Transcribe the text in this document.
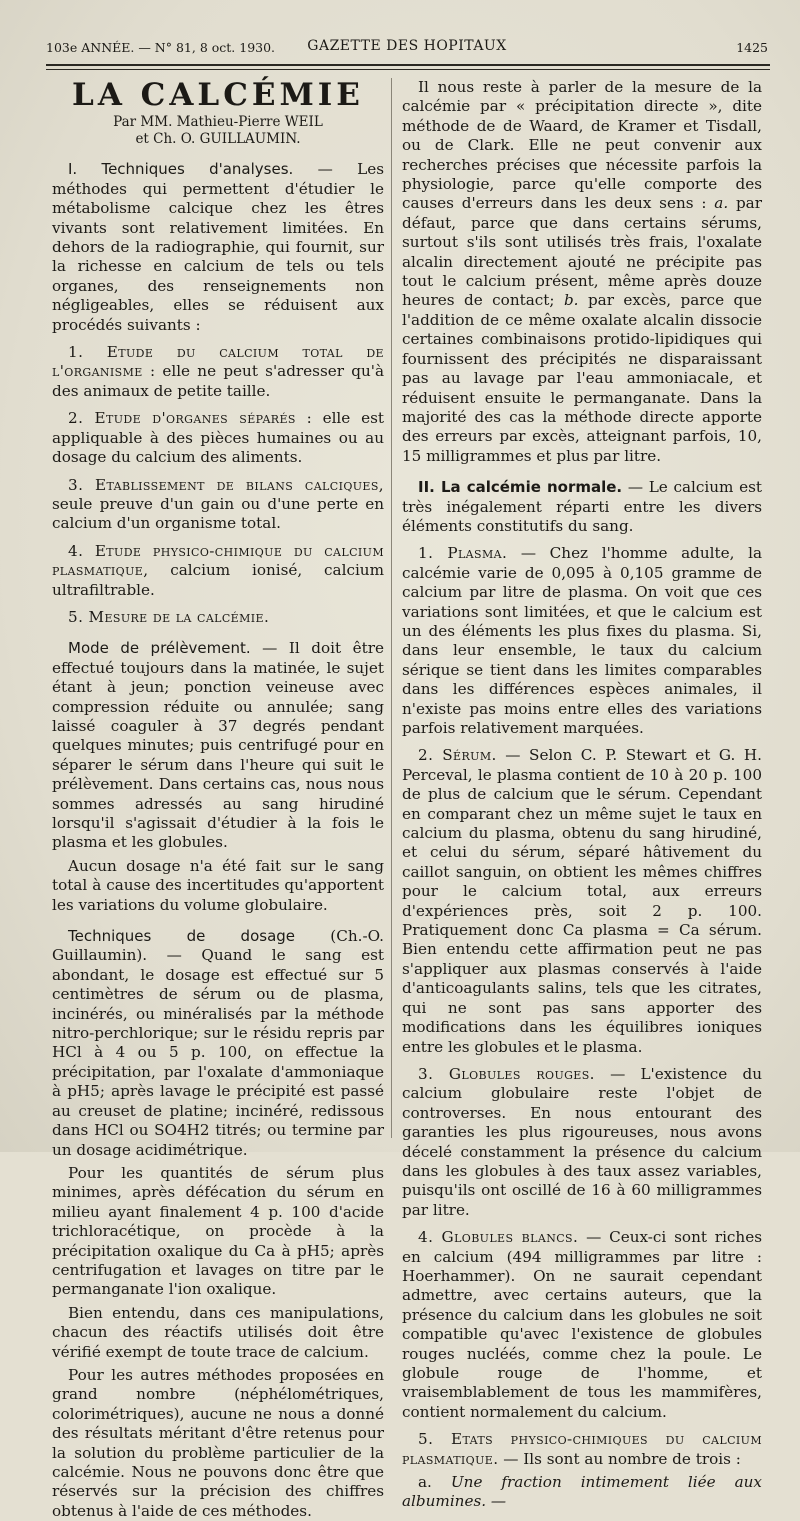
103e ANNÉE. — N° 81, 8 oct. 1930.	GAZETTE DES HOPITAUX	1425
LA CALCÉMIE
Par MM. Mathieu-Pierre WEIL
et Ch. O. GUILLAUMIN.

I. Techniques d'analyses. — Les méthodes qui permettent d'étudier le métabolisme calcique chez les êtres vivants sont relativement limitées. En dehors de la radiographie, qui fournit, sur la richesse en calcium de tels ou tels organes, des renseignements non négligeables, elles se réduisent aux procédés suivants :

1. Etude du calcium total de l'organisme : elle ne peut s'adresser qu'à des animaux de petite taille.

2. Etude d'organes séparés : elle est appliquable à des pièces humaines ou au dosage du calcium des aliments.

3. Etablissement de bilans calciques, seule preuve d'un gain ou d'une perte en calcium d'un organisme total.

4. Etude physico-chimique du calcium plasmatique, calcium ionisé, calcium ultrafiltrable.

5. Mesure de la calcémie.

Mode de prélèvement. — Il doit être effectué toujours dans la matinée, le sujet étant à jeun; ponction veineuse avec compression réduite ou annulée; sang laissé coaguler à 37 degrés pendant quelques minutes; puis centrifugé pour en séparer le sérum dans l'heure qui suit le prélèvement. Dans certains cas, nous nous sommes adressés au sang hirudiné lorsqu'il s'agissait d'étudier à la fois le plasma et les globules.

Aucun dosage n'a été fait sur le sang total à cause des incertitudes qu'apportent les variations du volume globulaire.

Techniques de dosage (Ch.-O. Guillaumin). — Quand le sang est abondant, le dosage est effectué sur 5 centimètres de sérum ou de plasma, incinérés, ou minéralisés par la méthode nitro-perchlorique; sur le résidu repris par HCl à 4 ou 5 p. 100, on effectue la précipitation, par l'oxalate d'ammoniaque à pH5; après lavage le précipité est passé au creuset de platine; inciné́ré, redissous dans HCl ou SO4H2 titrés; ou termine par un dosage acidimétrique.

Pour les quantités de sérum plus minimes, après défécation du sérum en milieu ayant finalement 4 p. 100 d'acide trichloracétique, on procède à la précipitation oxalique du Ca à pH5; après centrifugation et lavages on titre par le permanganate l'ion oxalique.

Bien entendu, dans ces manipulations, chacun des réactifs utilisés doit être vérifié exempt de toute trace de calcium.

Pour les autres méthodes proposées en grand nombre (néphélométriques, colorimétriques), aucune ne nous a donné des résultats méritant d'être retenus pour la solution du problème particulier de la calcémie. Nous ne pouvons donc être que réservés sur la précision des chiffres obtenus à l'aide de ces méthodes.

Il nous reste à parler de la mesure de la calcémie par « précipitation directe », dite méthode de de Waard, de Kramer et Tisdall, ou de Clark. Elle ne peut convenir aux recherches précises que nécessite parfois la physiologie, parce qu'elle comporte des causes d'erreurs dans les deux sens : a. par défaut, parce que dans certains sérums, surtout s'ils sont utilisés très frais, l'oxalate alcalin directement ajouté ne précipite pas tout le calcium présent, même après douze heures de contact; b. par excès, parce que l'addition de ce même oxalate alcalin dissocie certaines combinaisons protido-lipidiques qui fournissent des précipités ne disparaissant pas au lavage par l'eau ammoniacale, et réduisent ensuite le permanganate. Dans la majorité des cas la méthode directe apporte des erreurs par excès, atteignant parfois, 10, 15 milligrammes et plus par litre.

II. La calcémie normale. — Le calcium est très inégalement réparti entre les divers éléments constitutifs du sang.

1. Plasma. — Chez l'homme adulte, la calcémie varie de 0,095 à 0,105 gramme de calcium par litre de plasma. On voit que ces variations sont limitées, et que le calcium est un des éléments les plus fixes du plasma. Si, dans leur ensemble, le taux du calcium sérique se tient dans les limites comparables dans les différences espèces animales, il n'existe pas moins entre elles des variations parfois relativement marquées.

2. Sérum. — Selon C. P. Stewart et G. H. Perceval, le plasma contient de 10 à 20 p. 100 de plus de calcium que le sérum. Cependant en comparant chez un même sujet le taux en calcium du plasma, obtenu du sang hirudiné, et celui du sérum, séparé hâtivement du caillot sanguin, on obtient les mêmes chiffres pour le calcium total, aux erreurs d'expériences près, soit 2 p. 100. Pratiquement donc Ca plasma = Ca sérum. Bien entendu cette affirmation peut ne pas s'appliquer aux plasmas conservés à l'aide d'anticoagulants salins, tels que les citrates, qui ne sont pas sans apporter des modifications dans les équilibres ioniques entre les globules et le plasma.

3. Globules rouges. — L'existence du calcium globulaire reste l'objet de controverses. En nous entourant des garanties les plus rigoureuses, nous avons décelé constamment la présence du calcium dans les globules à des taux assez variables, puisqu'ils ont oscillé de 16 à 60 milligrammes par litre.

4. Globules blancs. — Ceux-ci sont riches en calcium (494 milligrammes par litre : Hoerhammer). On ne saurait cependant admettre, avec certains auteurs, que la présence du calcium dans les globules ne soit compatible qu'avec l'existence de globules rouges nucléés, comme chez la poule. Le globule rouge de l'homme, et vraisemblablement de tous les mammifères, contient normalement du calcium.

5. Etats physico-chimiques du calcium plasmatique. — Ils sont au nombre de trois :

a. Une fraction intimement liée aux albumines. —
